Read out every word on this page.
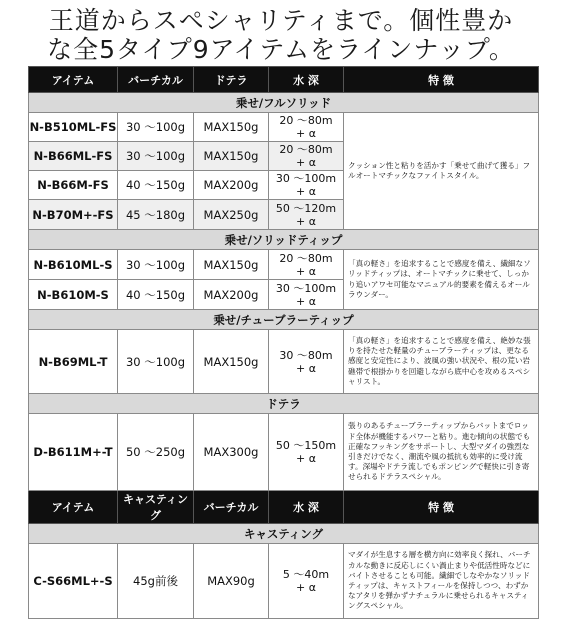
王道からスペシャリティまで。個性豊か
な全5タイプ9アイテムをラインナップ。
アイテム	バーチカル	ドテラ	水 深	特 徴
乗せ/フルソリッド				
N-B510ML-FS	30 ～100g	MAX150g	20 ～80m
+ α	クッション性と粘りを活かす「乗せて曲げて獲る」フルオートマチックなファイトスタイル。
N-B66ML-FS	30 ～100g	MAX150g	20 ～80m
+ α	
N-B66M-FS	40 ～150g	MAX200g	30 ～100m
+ α	
N-B70M+-FS	45 ～180g	MAX250g	50 ～120m
+ α	
乗せ/ソリッドティップ				
N-B610ML-S	30 ～100g	MAX150g	20 ～80m
+ α	「真の軽さ」を追求することで感度を備え、繊細なソリッドティップは、オートマチックに乗せて、しっかり追いアワセ可能なマニュアル的要素を備えるオールラウンダー。
N-B610M-S	40 ～150g	MAX200g	30 ～100m
+ α	
乗せ/チューブラーティップ				
N-B69ML-T	30 ～100g	MAX150g	30 ～80m
+ α	「真の軽さ」を追求することで感度を備え、絶妙な張りを持たせた軽量のチューブラーティップは、更なる感度と安定性により、波風の強い状況や、根の荒い岩礁帯で根掛かりを回避しながら底中心を攻めるスペシャリスト。
ドテラ				
D-B611M+-T	50 ～250g	MAX300g	50 ～150m
+ α	張りのあるチューブラーティップからバットまでロッド全体が機能するパワーと粘り。進む傾向の状態でも正確なフッキングをサポートし、大型マダイの強烈な引きだけでなく、潮流や風の抵抗も効率的に受け流す。深場やドテラ流しでもポンピングで軽快に引き寄せられるドテラスペシャル。
アイテム	キャスティング	バーチカル	水 深	特 徴
キャスティング				
C-S66ML+-S	45g前後	MAX90g	5 ～40m
+ α	マダイが生息する層を横方向に効率良く探れ、バーチカルな動きに反応しにくい渦止まりや低活性時などにバイトさせることも可能。繊細でしなやかなソリッドティップは、キャストフィールを保持しつつ、わずかなアタリを弾かずナチュラルに乗せられるキャスティングスペシャル。
